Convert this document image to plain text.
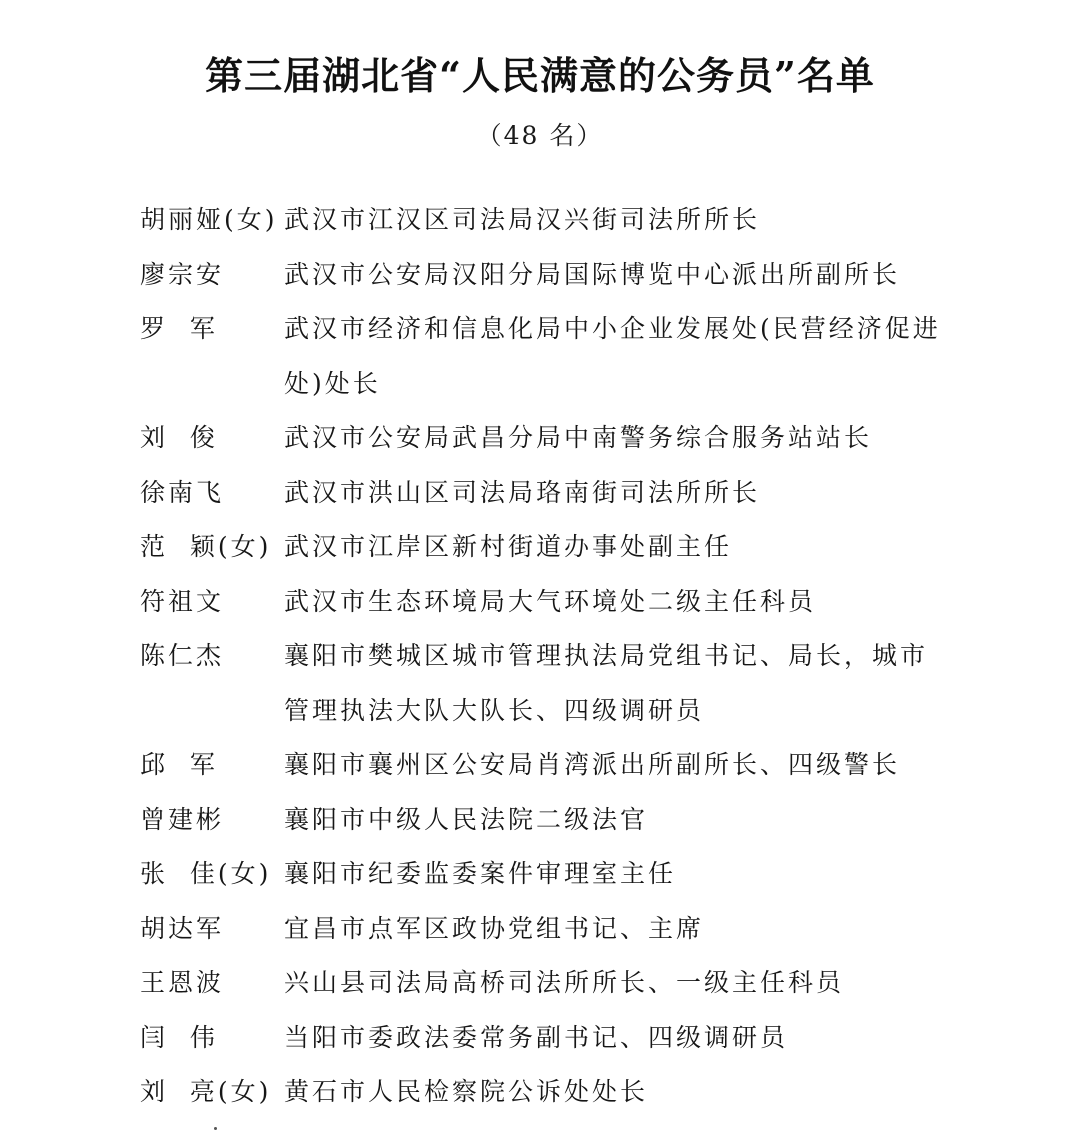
第三届湖北省“人民满意的公务员”名单
（48 名）
胡丽娅(女) 武汉市江汉区司法局汉兴街司法所所长
廖宗安	武汉市公安局汉阳分局国际博览中心派出所副所长
罗  军	武汉市经济和信息化局中小企业发展处(民营经济促进处)处长
刘  俊	武汉市公安局武昌分局中南警务综合服务站站长
徐南飞	武汉市洪山区司法局珞南街司法所所长
范  颖(女) 武汉市江岸区新村街道办事处副主任
符祖文	武汉市生态环境局大气环境处二级主任科员
陈仁杰	襄阳市樊城区城市管理执法局党组书记、局长，城市管理执法大队大队长、四级调研员
邱  军	襄阳市襄州区公安局肖湾派出所副所长、四级警长
曾建彬	襄阳市中级人民法院二级法官
张  佳(女) 襄阳市纪委监委案件审理室主任
胡达军	宜昌市点军区政协党组书记、主席
王恩波	兴山县司法局高桥司法所所长、一级主任科员
闫  伟	当阳市委政法委常务副书记、四级调研员
刘  亮(女) 黄石市人民检察院公诉处处长
